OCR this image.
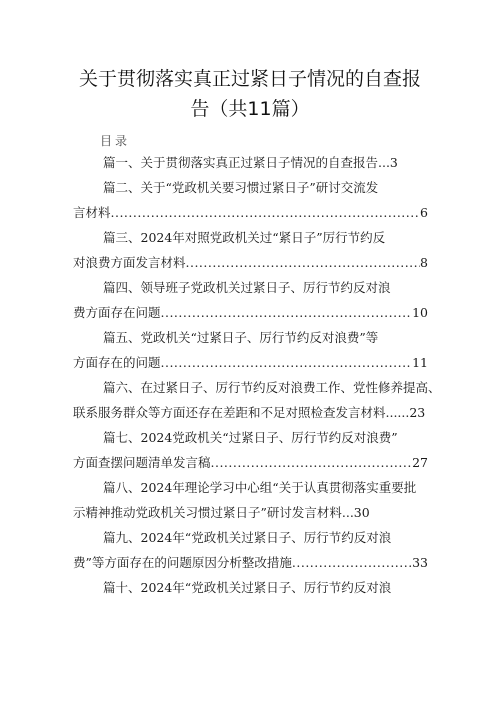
关于贯彻落实真正过紧日子情况的自查报
告（共11篇）
目录
篇一、关于贯彻落实真正过紧日子情况的自查报告...3
篇二、关于“党政机关要习惯过紧日子”研讨交流发
言材料 .....	6
篇三、2024年对照党政机关过“紧日子”厉行节约反
对浪费方面发言材料 .....	8
篇四、领导班子党政机关过紧日子、厉行节约反对浪
费方面存在问题 .....	10
篇五、党政机关“过紧日子、厉行节约反对浪费”等
方面存在的问题 .....	11
篇六、在过紧日子、厉行节约反对浪费工作、党性修养提高、
联系服务群众等方面还存在差距和不足对照检查发言材料......23
篇七、2024党政机关“过紧日子、厉行节约反对浪费”
方面查摆问题清单发言稿 .....	27
篇八、2024年理论学习中心组“关于认真贯彻落实重要批
示精神推动党政机关习惯过紧日子”研讨发言材料...30
篇九、2024年“党政机关过紧日子、厉行节约反对浪
费”等方面存在的问题原因分析整改措施 .....	33
篇十、2024年“党政机关过紧日子、厉行节约反对浪
